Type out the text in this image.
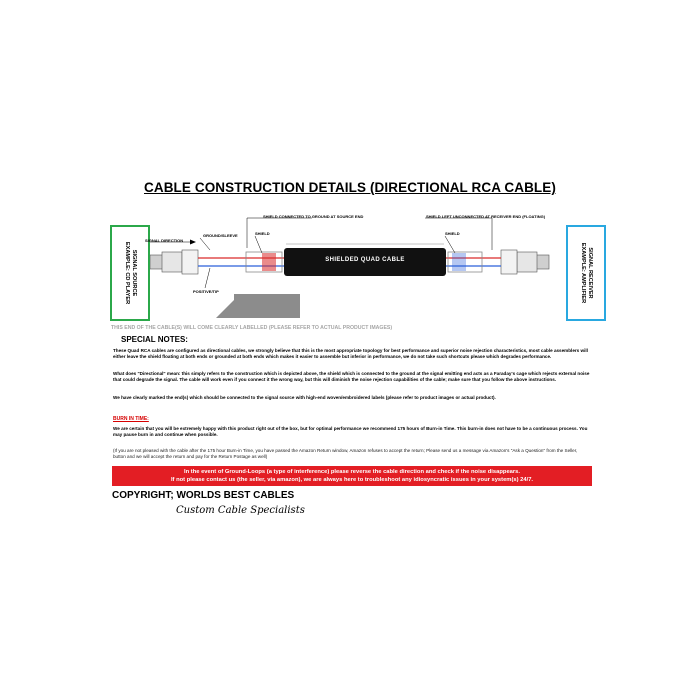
CABLE CONSTRUCTION DETAILS (DIRECTIONAL RCA CABLE)
SIGNAL SOURCE
EXAMPLE: CD PLAYER	SIGNAL RECEIVER
EXAMPLE: AMPLIFIER
SIGNAL DIRECTION
GROUND/SLEEVE	SHIELD
SHIELD CONNECTED TO GROUND AT SOURCE END	SHIELD LEFT UNCONNECTED AT RECEIVER END (FLOATING)
SHIELD
POSITIVE/TIP
SHIELDED QUAD CABLE
THIS END OF THE CABLE(S) WILL COME CLEARLY LABELLED (PLEASE REFER TO ACTUAL PRODUCT IMAGES)
SPECIAL NOTES:
These Quad RCA cables are configured as directional cables, we strongly believe that this is the most appropriate topology for best performance and superior noise rejection characteristics, most cable assemblers will either leave the shield floating at both ends or grounded at both ends which makes it easier to assemble but inferior in performance, we do not take such shortcuts please which degrades performance.
What does "Directional" mean: this simply refers to the construction which is depicted above, the shield which is connected to the ground at the signal emitting end acts as a Faraday's cage which rejects external noise that could degrade the signal. The cable will work even if you connect it the wrong way, but this will diminish the noise rejection capabilities of the cable; make sure that you follow the above instructions.
We have clearly marked the end(s) which should be connected to the signal source with high-end woven/embroidered labels (please refer to product images or actual product).
BURN IN TIME:
We are certain that you will be extremely happy with this product right out of the box, but for optimal performance we recommend 175 hours of Burn-in Time. This burn-in does not have to be a continuous process. You may pause burn in and continue when possible.
(If you are not pleased with the cable after the 175 hour Burn-in Time, you have passed the Amazon Return window, Amazon refuses to accept the return; Please send us a message via Amazon's "Ask a Question" from the Seller, button and we will accept the return and pay for the Return Postage as well)
In the event of Ground-Loops (a type of interference) please reverse the cable direction and check if the noise disappears.
If not please contact us (the seller, via amazon), we are always here to troubleshoot any idiosyncratic issues in your system(s) 24/7.
COPYRIGHT; WORLDS BEST CABLES
Custom Cable Specialists
